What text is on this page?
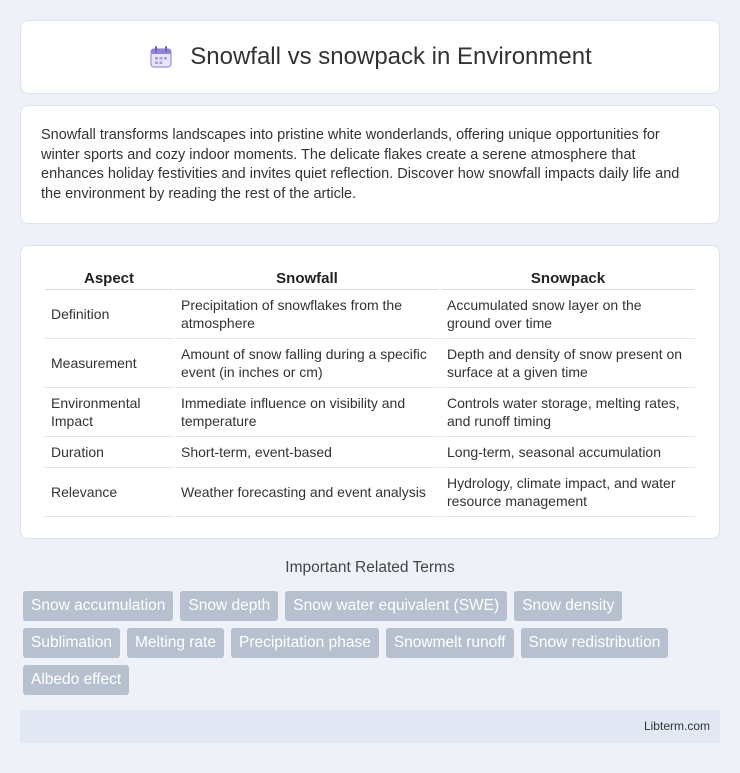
Snowfall vs snowpack in Environment

Snowfall transforms landscapes into pristine white wonderlands, offering unique opportunities for winter sports and cozy indoor moments. The delicate flakes create a serene atmosphere that enhances holiday festivities and invites quiet reflection. Discover how snowfall impacts daily life and the environment by reading the rest of the article.

Aspect	Snowfall	Snowpack
Definition	Precipitation of snowflakes from the atmosphere	Accumulated snow layer on the ground over time
Measurement	Amount of snow falling during a specific event (in inches or cm)	Depth and density of snow present on surface at a given time
Environmental Impact	Immediate influence on visibility and temperature	Controls water storage, melting rates, and runoff timing
Duration	Short-term, event-based	Long-term, seasonal accumulation
Relevance	Weather forecasting and event analysis	Hydrology, climate impact, and water resource management
Important Related Terms
Snow accumulation	Snow depth	Snow water equivalent (SWE)	Snow density
Sublimation	Melting rate	Precipitation phase	Snowmelt runoff	Snow redistribution
Albedo effect
Libterm.com
